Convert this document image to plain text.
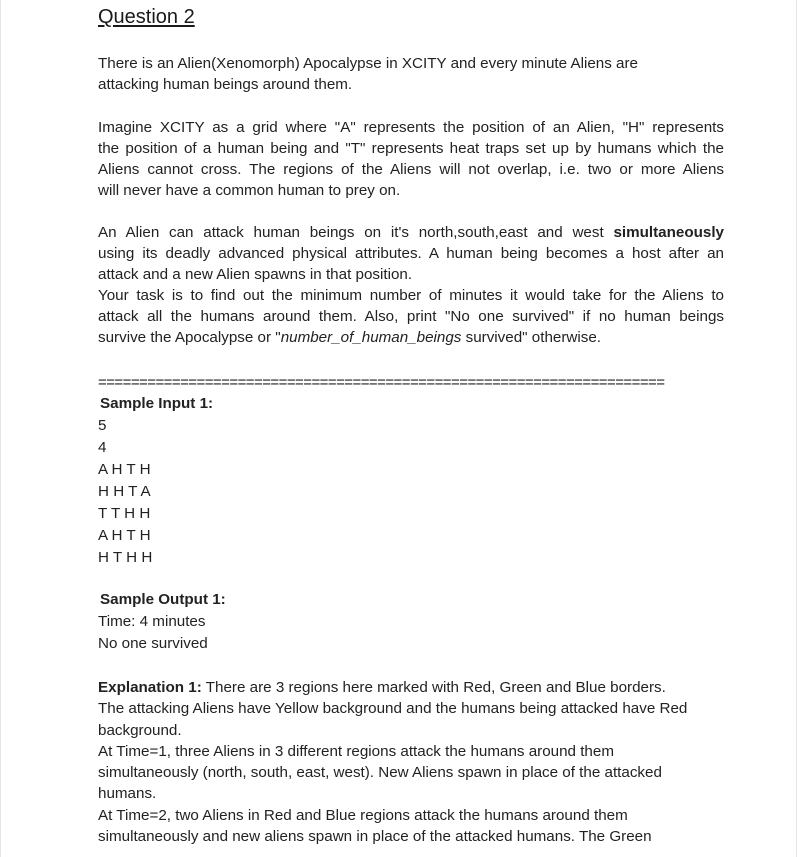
Question 2
There is an Alien(Xenomorph) Apocalypse in XCITY and every minute Aliens are
attacking human beings around them.
Imagine XCITY as a grid where "A" represents the position of an Alien, "H" represents
the position of a human being and "T" represents heat traps set up by humans which the
Aliens cannot cross. The regions of the Aliens will not overlap, i.e. two or more Aliens
will never have a common human to prey on.
An Alien can attack human beings on it's north,south,east and west simultaneously
using its deadly advanced physical attributes. A human being becomes a host after an
attack and a new Alien spawns in that position.
Your task is to find out the minimum number of minutes it would take for the Aliens to
attack all the humans around them. Also, print "No one survived" if no human beings
survive the Apocalypse or "number_of_human_beings survived" otherwise.
=====================================================================
Sample Input 1:
5
4
A H T H
H H T A
T T H H
A H T H
H T H H
Sample Output 1:
Time: 4 minutes
No one survived
Explanation 1: There are 3 regions here marked with Red, Green and Blue borders.
The attacking Aliens have Yellow background and the humans being attacked have Red
background.
At Time=1, three Aliens in 3 different regions attack the humans around them
simultaneously (north, south, east, west). New Aliens spawn in place of the attacked
humans.
At Time=2, two Aliens in Red and Blue regions attack the humans around them
simultaneously and new aliens spawn in place of the attacked humans. The Green
